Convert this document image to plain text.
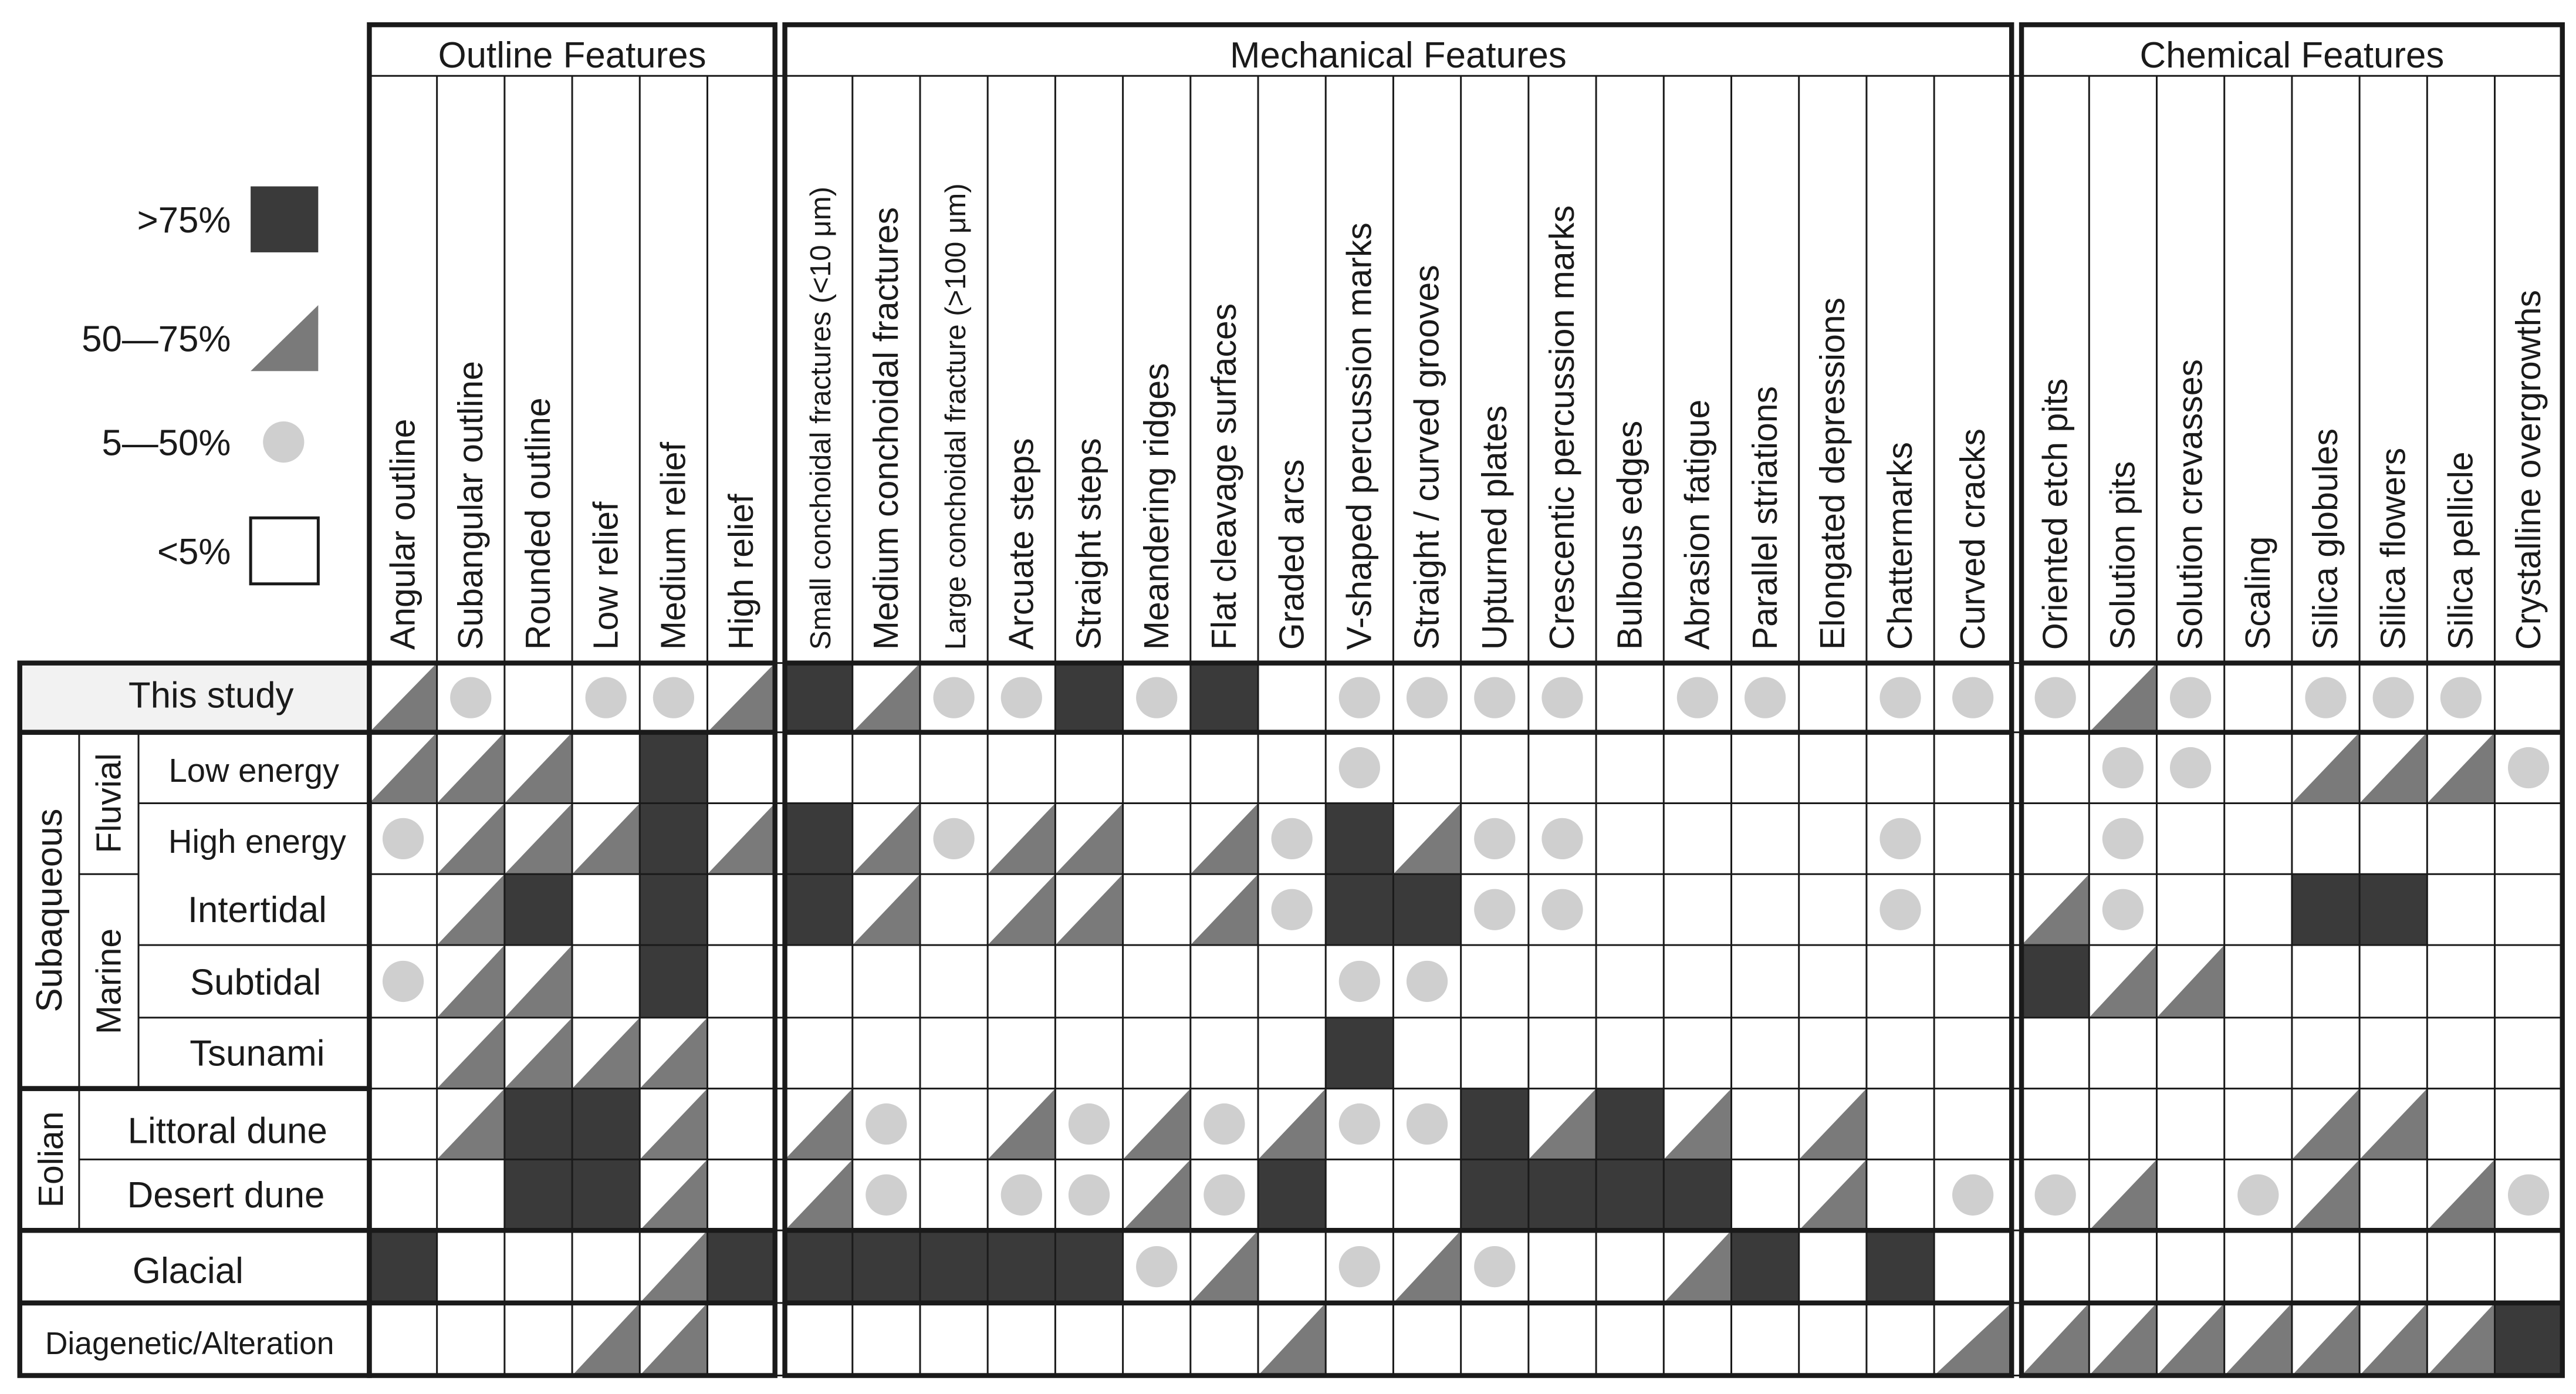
Outline Features	Mechanical Features	Chemical Features
Angular outline Subangular outline Rounded outline Low relief Medium relief High relief Small conchoidal fractures (<10 μm) Medium conchoidal fractures Large conchoidal fracture (>100 μm) Arcuate steps Straight steps Meandering ridges Flat cleavage surfaces Graded arcs V-shaped percussion marks Straight / curved grooves Upturned plates Crescentic percussion marks Bulbous edges Abrasion fatigue Parallel striations Elongated depressions Chattermarks Curved cracks Oriented etch pits Solution pits Solution crevasses Scaling Silica globules Silica flowers Silica pellicle Crystalline overgrowths
This study
Low energy
High energy
Intertidal
Subtidal
Tsunami
Littoral dune
Desert dune
Glacial
Diagenetic/Alteration
Subaqueous
Fluvial
Marine
Eolian
>75%
50—75%
5—50%
<5%
